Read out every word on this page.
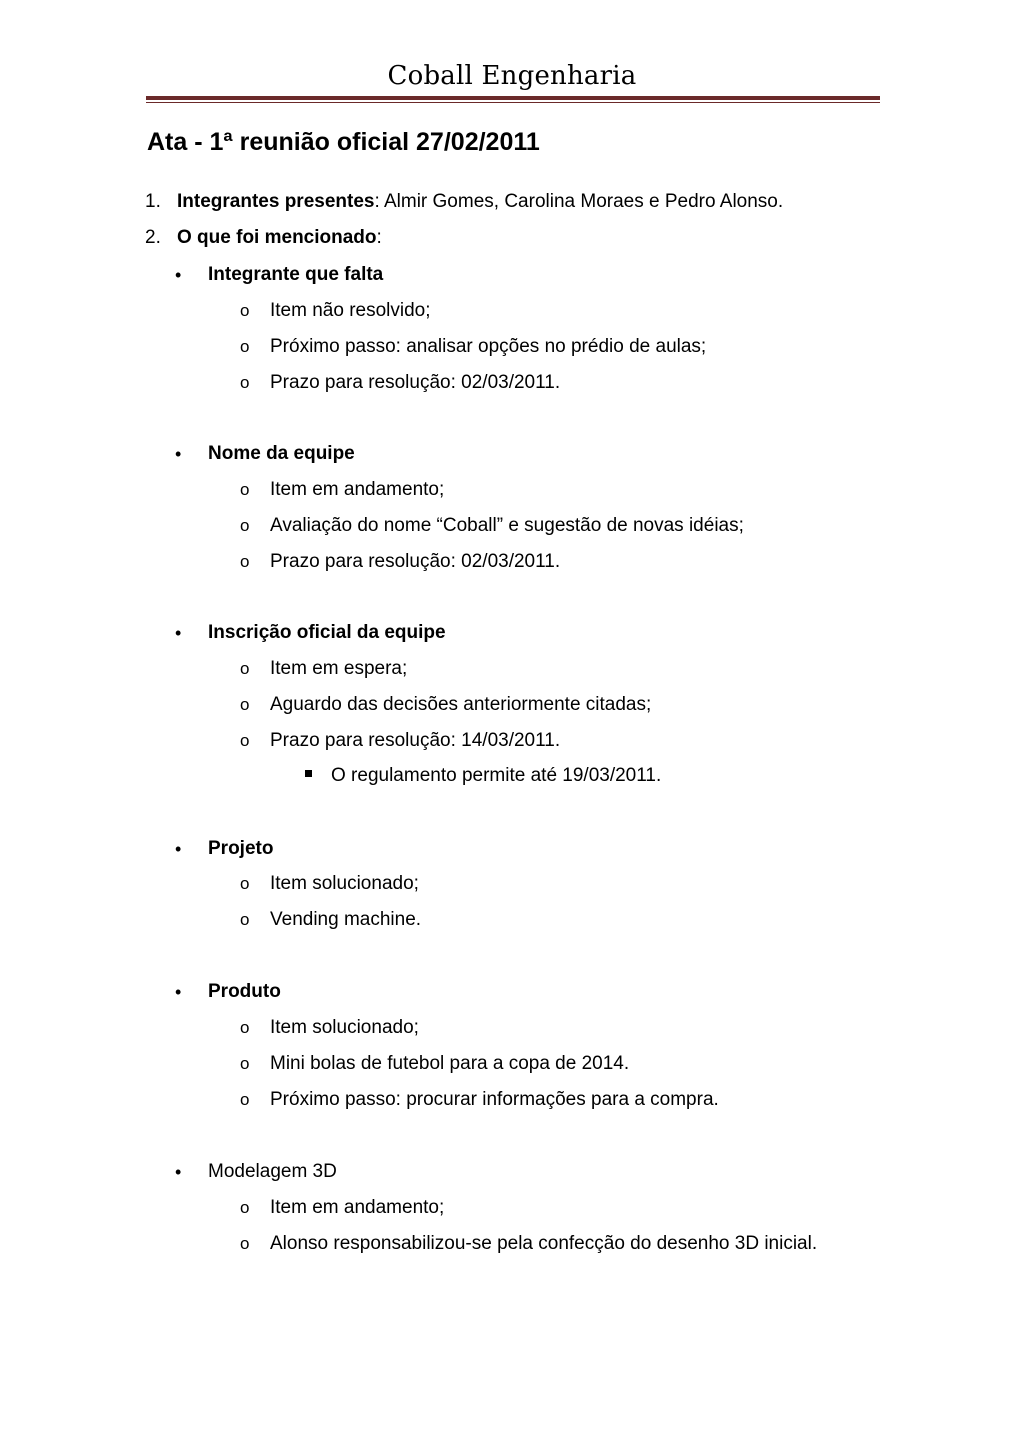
Coball Engenharia
Ata - 1ª reunião oficial 27/02/2011
1. Integrantes presentes: Almir Gomes, Carolina Moraes e Pedro Alonso.
2. O que foi mencionado:
• Integrante que falta
o Item não resolvido;
o Próximo passo: analisar opções no prédio de aulas;
o Prazo para resolução: 02/03/2011.
• Nome da equipe
o Item em andamento;
o Avaliação do nome “Coball” e sugestão de novas idéias;
o Prazo para resolução: 02/03/2011.
• Inscrição oficial da equipe
o Item em espera;
o Aguardo das decisões anteriormente citadas;
o Prazo para resolução: 14/03/2011.
O regulamento permite até 19/03/2011.
• Projeto
o Item solucionado;
o Vending machine.
• Produto
o Item solucionado;
o Mini bolas de futebol para a copa de 2014.
o Próximo passo: procurar informações para a compra.
• Modelagem 3D
o Item em andamento;
o Alonso responsabilizou-se pela confecção do desenho 3D inicial.
